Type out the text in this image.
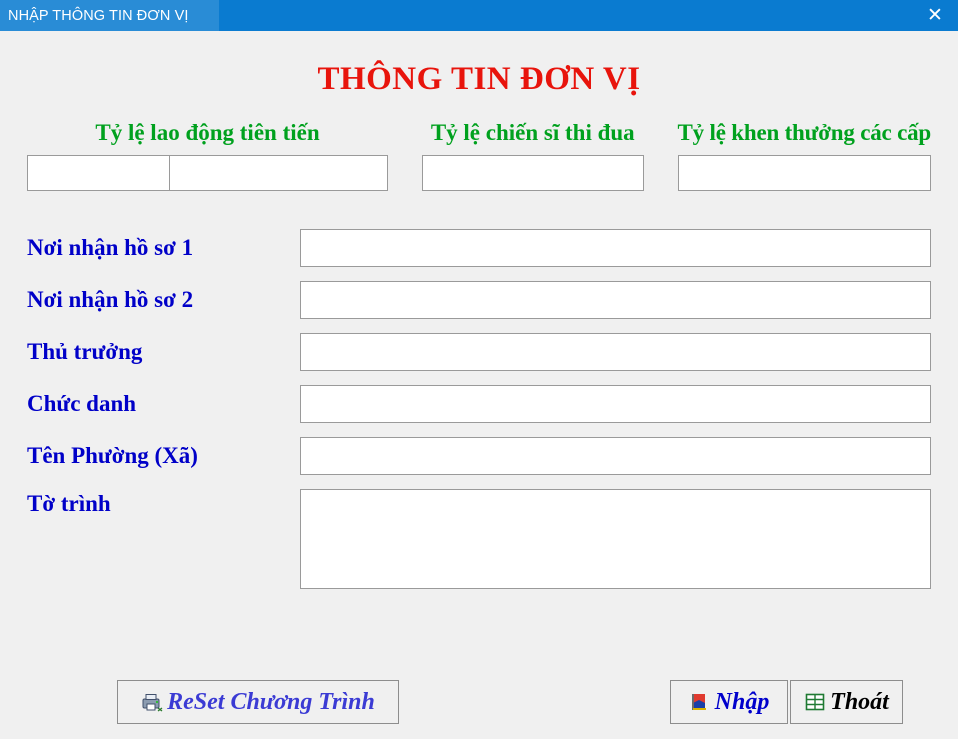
NHẬP THÔNG TIN ĐƠN VỊ	✕
THÔNG TIN ĐƠN VỊ
Tỷ lệ lao động tiên tiến	Tỷ lệ chiến sĩ thi đua Tỷ lệ khen thưởng các cấp
Nơi nhận hồ sơ 1
Nơi nhận hồ sơ 2
Thủ trưởng
Chức danh
Tên Phường (Xã)
Tờ trình
ReSet Chương Trình	Nhập	Thoát
